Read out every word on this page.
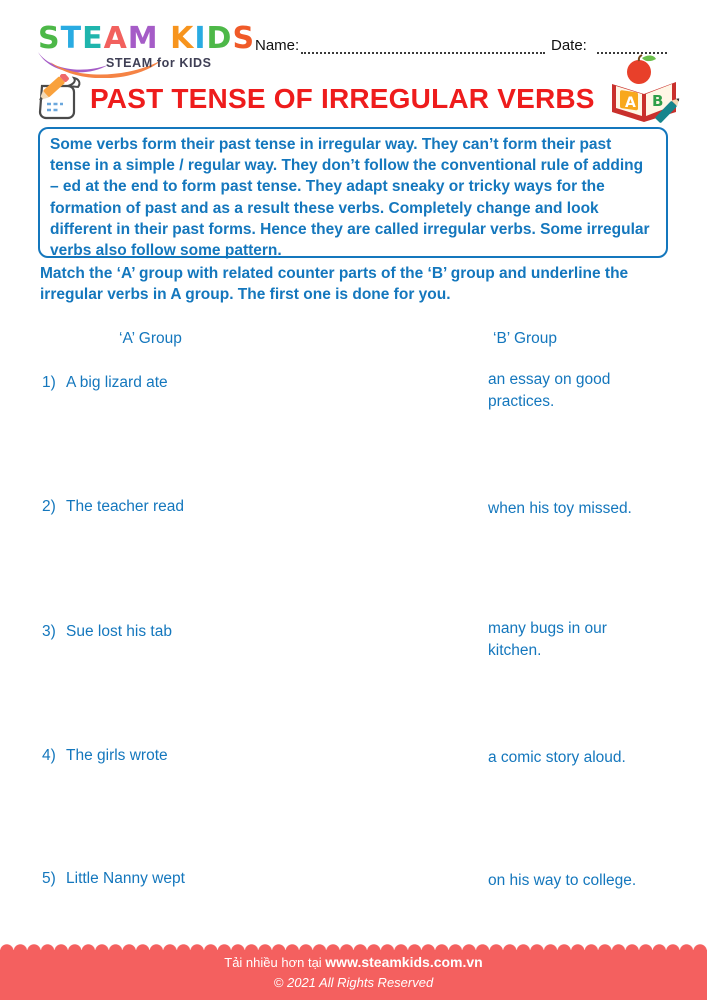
STEAM KIDS
STEAM for KIDS
Name:	Date:
PAST TENSE OF IRREGULAR VERBS A B
Some verbs form their past tense in irregular way. They can’t form their past tense in a simple / regular way. They don’t follow the conventional rule of adding – ed at the end to form past tense. They adapt sneaky or tricky ways for the formation of past and as a result these verbs. Completely change and look different in their past forms. Hence they are called irregular verbs. Some irregular verbs also follow some pattern.
Match the ‘A’ group with related counter parts of the ‘B’ group and underline the irregular verbs in A group. The first one is done for you.
‘A’ Group	‘B’ Group
1) A big lizard ate	an essay on good practices.
2) The teacher read	when his toy missed.
3) Sue lost his tab	many bugs in our kitchen.
4) The girls wrote	a comic story aloud.
5) Little Nanny wept	on his way to college.
Tải nhiều hơn tại www.steamkids.com.vn
© 2021 All Rights Reserved
